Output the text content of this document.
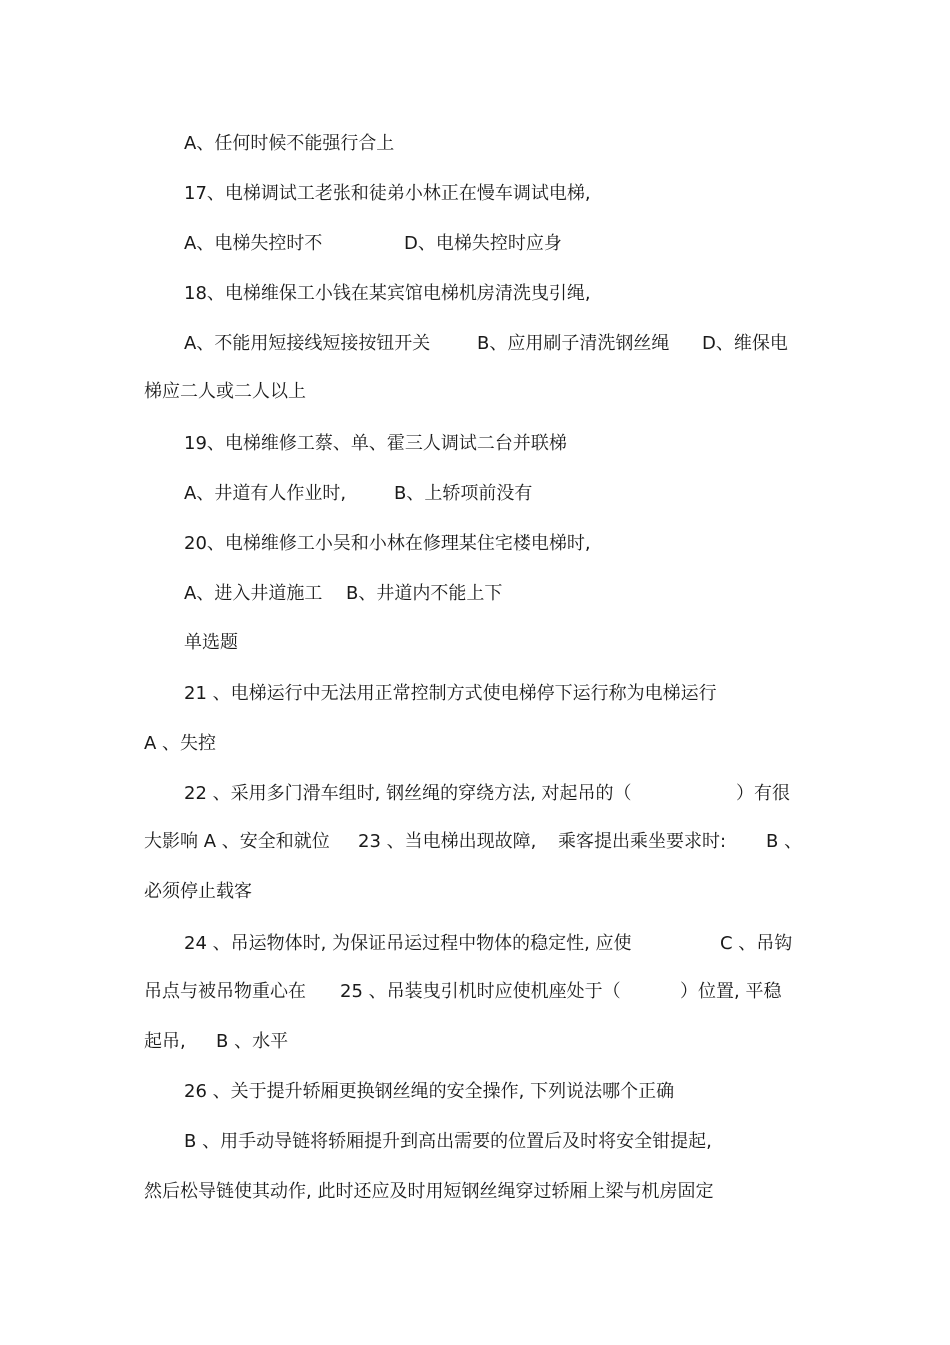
A、任何时候不能强行合上
17、电梯调试工老张和徒弟小林正在慢车调试电梯,
A、电梯失控时不	D、电梯失控时应身
18、电梯维保工小钱在某宾馆电梯机房清洗曳引绳,
A、不能用短接线短接按钮开关	B、应用刷子清洗钢丝绳 D、维保电
梯应二人或二人以上
19、电梯维修工蔡、单、霍三人调试二台并联梯
A、井道有人作业时,	B、上轿项前没有
20、电梯维修工小吴和小林在修理某住宅楼电梯时,
A、进入井道施工 B、井道内不能上下
单选题
21 、电梯运行中无法用正常控制方式使电梯停下运行称为电梯运行
A 、失控
22 、采用多门滑车组时, 钢丝绳的穿绕方法, 对起吊的（	）有很
大影响 A 、安全和就位 23 、当电梯出现故障, 乘客提出乘坐要求时: B 、
必须停止载客
24 、吊运物体时, 为保证吊运过程中物体的稳定性, 应使	C 、吊钩
吊点与被吊物重心在 25 、吊装曳引机时应使机座处于（	）位置, 平稳
起吊, B 、水平
26 、关于提升轿厢更换钢丝绳的安全操作, 下列说法哪个正确
B 、用手动导链将轿厢提升到高出需要的位置后及时将安全钳提起,
然后松导链使其动作, 此时还应及时用短钢丝绳穿过轿厢上梁与机房固定
